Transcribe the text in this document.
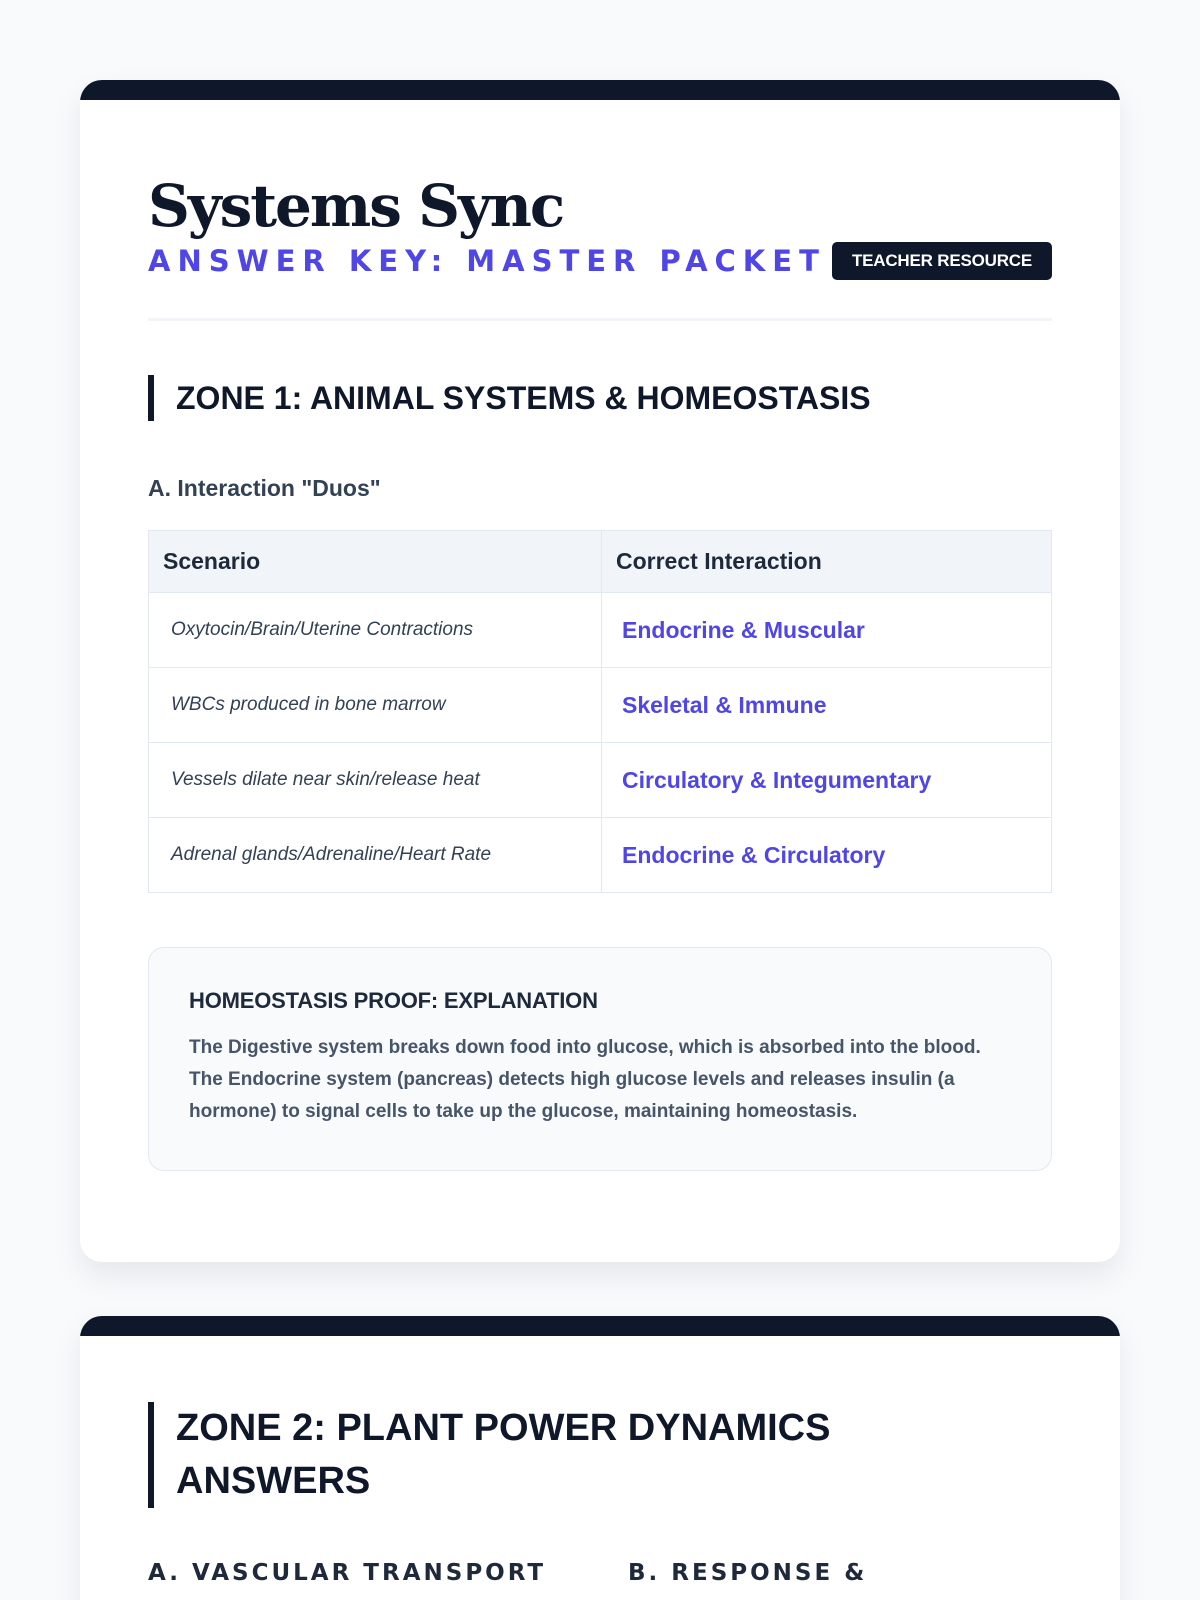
Systems Sync
ANSWER KEY: MASTER PACKET	TEACHER RESOURCE
ZONE 1: ANIMAL SYSTEMS & HOMEOSTASIS
A. Interaction "Duos"
Scenario	Correct Interaction
Oxytocin/Brain/Uterine Contractions	Endocrine & Muscular
WBCs produced in bone marrow	Skeletal & Immune
Vessels dilate near skin/release heat	Circulatory & Integumentary
Adrenal glands/Adrenaline/Heart Rate	Endocrine & Circulatory
HOMEOSTASIS PROOF: EXPLANATION

The Digestive system breaks down food into glucose, which is absorbed into the blood. The Endocrine system (pancreas) detects high glucose levels and releases insulin (a hormone) to signal cells to take up the glucose, maintaining homeostasis.

ZONE 2: PLANT POWER DYNAMICS ANSWERS
A. VASCULAR TRANSPORT	B. RESPONSE &
